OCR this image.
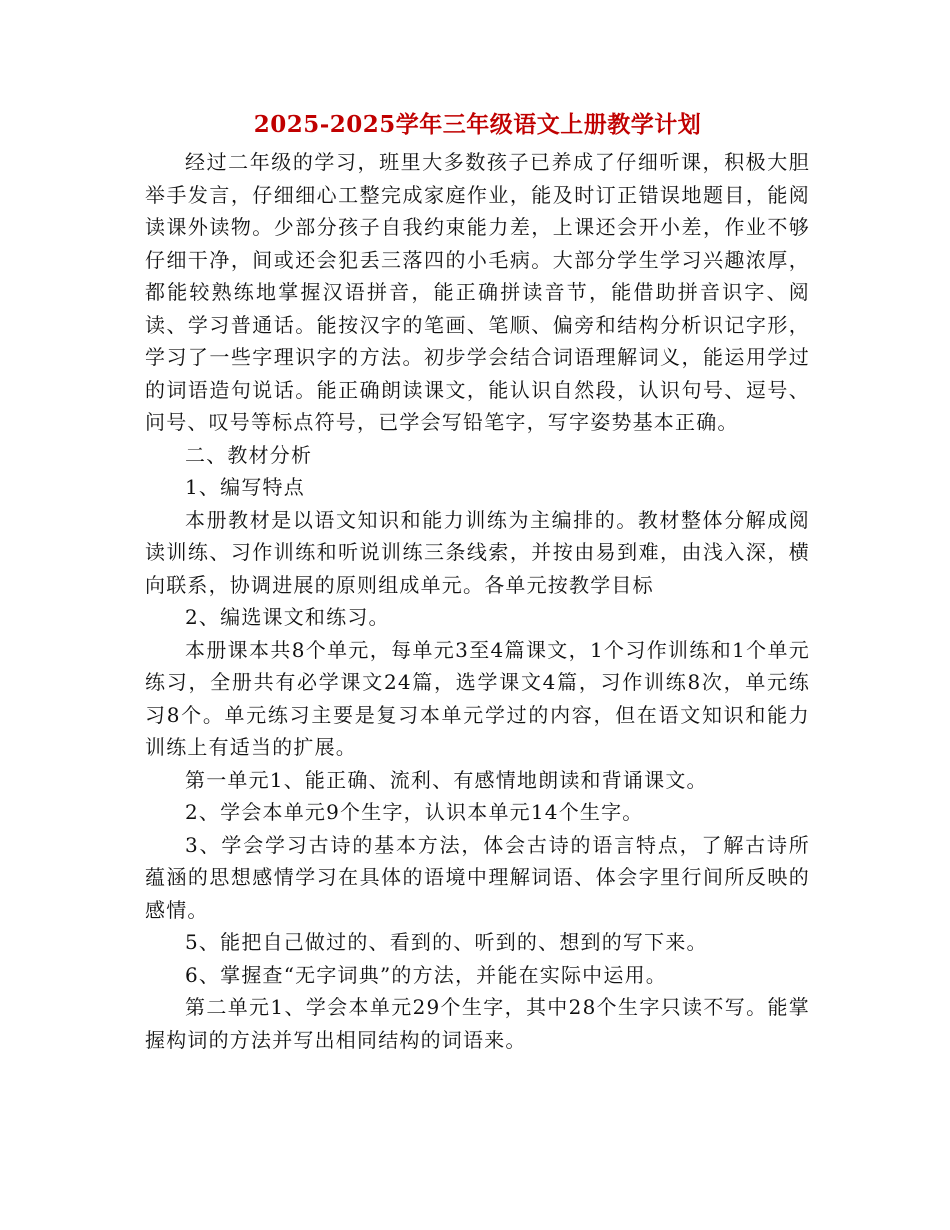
2025-2025学年三年级语文上册教学计划

经过二年级的学习，班里大多数孩子已养成了仔细听课，积极大胆举手发言，仔细细心工整完成家庭作业，能及时订正错误地题目，能阅读课外读物。少部分孩子自我约束能力差，上课还会开小差，作业不够仔细干净，间或还会犯丢三落四的小毛病。大部分学生学习兴趣浓厚，都能较熟练地掌握汉语拼音，能正确拼读音节，能借助拼音识字、阅读、学习普通话。能按汉字的笔画、笔顺、偏旁和结构分析识记字形，学习了一些字理识字的方法。初步学会结合词语理解词义，能运用学过的词语造句说话。能正确朗读课文，能认识自然段，认识句号、逗号、问号、叹号等标点符号，已学会写铅笔字，写字姿势基本正确。

二、教材分析

1、编写特点

本册教材是以语文知识和能力训练为主编排的。教材整体分解成阅读训练、习作训练和听说训练三条线索，并按由易到难，由浅入深，横向联系，协调进展的原则组成单元。各单元按教学目标

2、编选课文和练习。

本册课本共8个单元，每单元3至4篇课文，1个习作训练和1个单元练习，全册共有必学课文24篇，选学课文4篇，习作训练8次，单元练习8个。单元练习主要是复习本单元学过的内容，但在语文知识和能力训练上有适当的扩展。

第一单元1、能正确、流利、有感情地朗读和背诵课文。

2、学会本单元9个生字，认识本单元14个生字。

3、学会学习古诗的基本方法，体会古诗的语言特点，了解古诗所蕴涵的思想感情学习在具体的语境中理解词语、体会字里行间所反映的感情。

5、能把自己做过的、看到的、听到的、想到的写下来。

6、掌握查“无字词典”的方法，并能在实际中运用。

第二单元1、学会本单元29个生字，其中28个生字只读不写。能掌握构词的方法并写出相同结构的词语来。
